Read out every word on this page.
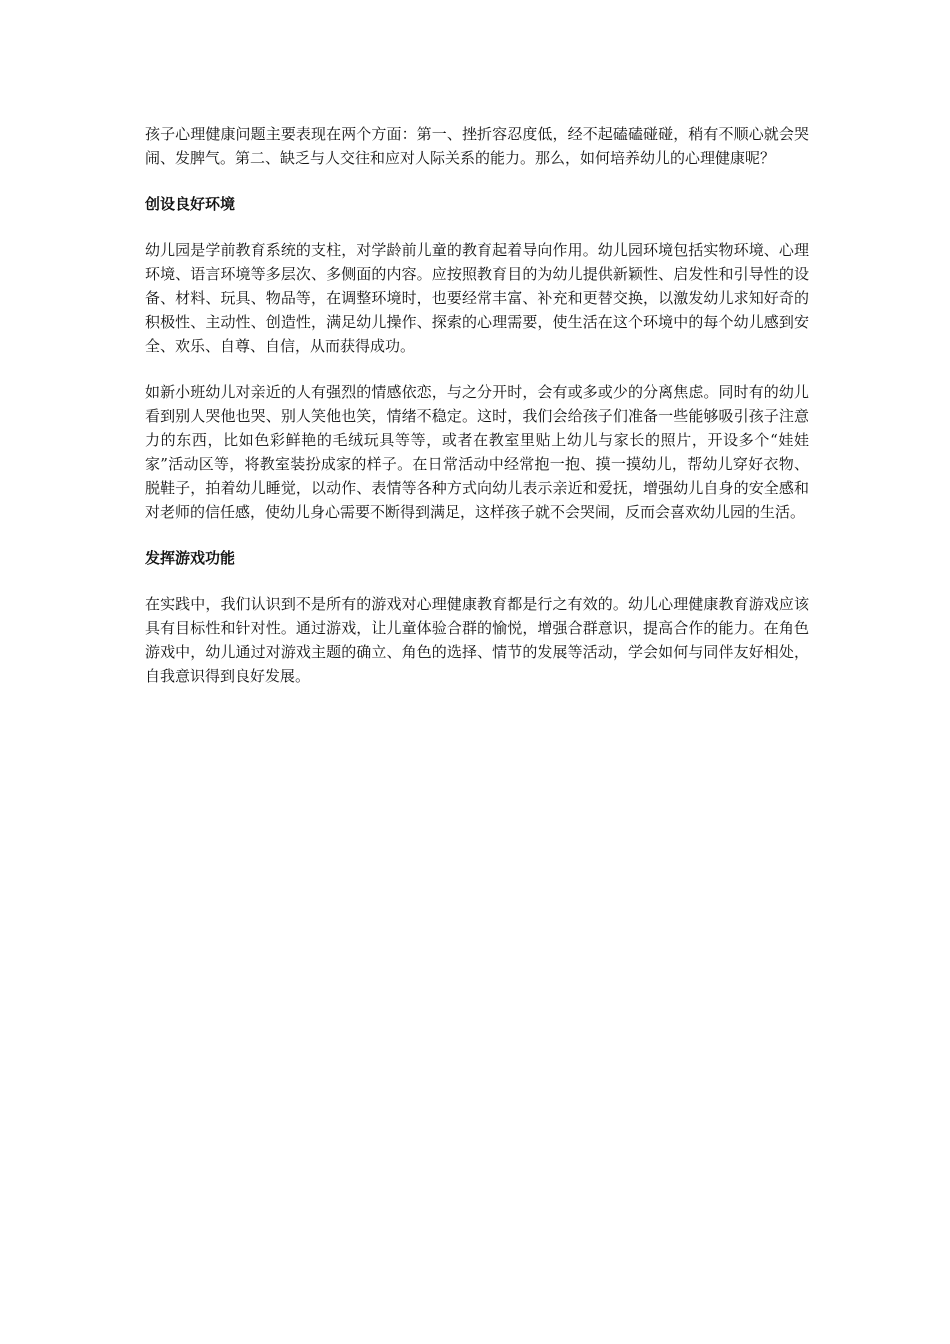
孩子心理健康问题主要表现在两个方面：第一、挫折容忍度低，经不起磕磕碰碰，稍有不顺心就会哭闹、发脾气。第二、缺乏与人交往和应对人际关系的能力。那么，如何培养幼儿的心理健康呢？

创设良好环境

幼儿园是学前教育系统的支柱，对学龄前儿童的教育起着导向作用。幼儿园环境包括实物环境、心理环境、语言环境等多层次、多侧面的内容。应按照教育目的为幼儿提供新颖性、启发性和引导性的设备、材料、玩具、物品等，在调整环境时，也要经常丰富、补充和更替交换，以激发幼儿求知好奇的积极性、主动性、创造性，满足幼儿操作、探索的心理需要，使生活在这个环境中的每个幼儿感到安全、欢乐、自尊、自信，从而获得成功。

如新小班幼儿对亲近的人有强烈的情感依恋，与之分开时，会有或多或少的分离焦虑。同时有的幼儿看到别人哭他也哭、别人笑他也笑，情绪不稳定。这时，我们会给孩子们准备一些能够吸引孩子注意力的东西，比如色彩鲜艳的毛绒玩具等等，或者在教室里贴上幼儿与家长的照片，开设多个“娃娃家”活动区等，将教室装扮成家的样子。在日常活动中经常抱一抱、摸一摸幼儿，帮幼儿穿好衣物、脱鞋子，拍着幼儿睡觉，以动作、表情等各种方式向幼儿表示亲近和爱抚，增强幼儿自身的安全感和对老师的信任感，使幼儿身心需要不断得到满足，这样孩子就不会哭闹，反而会喜欢幼儿园的生活。

发挥游戏功能

在实践中，我们认识到不是所有的游戏对心理健康教育都是行之有效的。幼儿心理健康教育游戏应该具有目标性和针对性。通过游戏，让儿童体验合群的愉悦，增强合群意识，提高合作的能力。在角色游戏中，幼儿通过对游戏主题的确立、角色的选择、情节的发展等活动，学会如何与同伴友好相处，自我意识得到良好发展。
